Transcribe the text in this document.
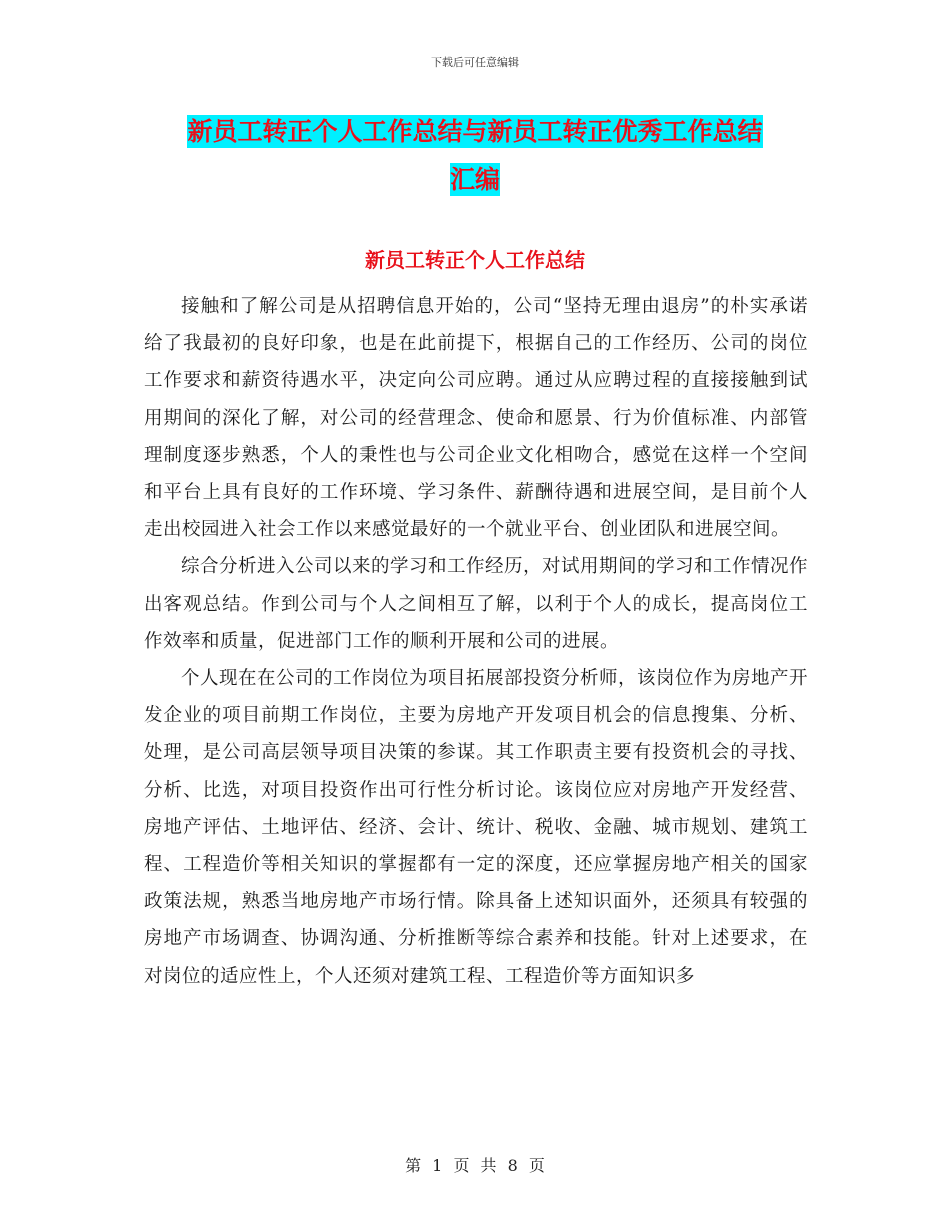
下载后可任意编辑
新员工转正个人工作总结与新员工转正优秀工作总结
汇编
新员工转正个人工作总结

接触和了解公司是从招聘信息开始的，公司“坚持无理由退房”的朴实承诺给了我最初的良好印象，也是在此前提下，根据自己的工作经历、公司的岗位工作要求和薪资待遇水平，决定向公司应聘。通过从应聘过程的直接接触到试用期间的深化了解，对公司的经营理念、使命和愿景、行为价值标准、内部管理制度逐步熟悉，个人的秉性也与公司企业文化相吻合，感觉在这样一个空间和平台上具有良好的工作环境、学习条件、薪酬待遇和进展空间，是目前个人走出校园进入社会工作以来感觉最好的一个就业平台、创业团队和进展空间。

综合分析进入公司以来的学习和工作经历，对试用期间的学习和工作情况作出客观总结。作到公司与个人之间相互了解，以利于个人的成长，提高岗位工作效率和质量，促进部门工作的顺利开展和公司的进展。

个人现在在公司的工作岗位为项目拓展部投资分析师，该岗位作为房地产开发企业的项目前期工作岗位，主要为房地产开发项目机会的信息搜集、分析、处理，是公司高层领导项目决策的参谋。其工作职责主要有投资机会的寻找、分析、比选，对项目投资作出可行性分析讨论。该岗位应对房地产开发经营、房地产评估、土地评估、经济、会计、统计、税收、金融、城市规划、建筑工程、工程造价等相关知识的掌握都有一定的深度，还应掌握房地产相关的国家政策法规，熟悉当地房地产市场行情。除具备上述知识面外，还须具有较强的房地产市场调查、协调沟通、分析推断等综合素养和技能。针对上述要求，在对岗位的适应性上，个人还须对建筑工程、工程造价等方面知识多

第 1 页 共 8 页
